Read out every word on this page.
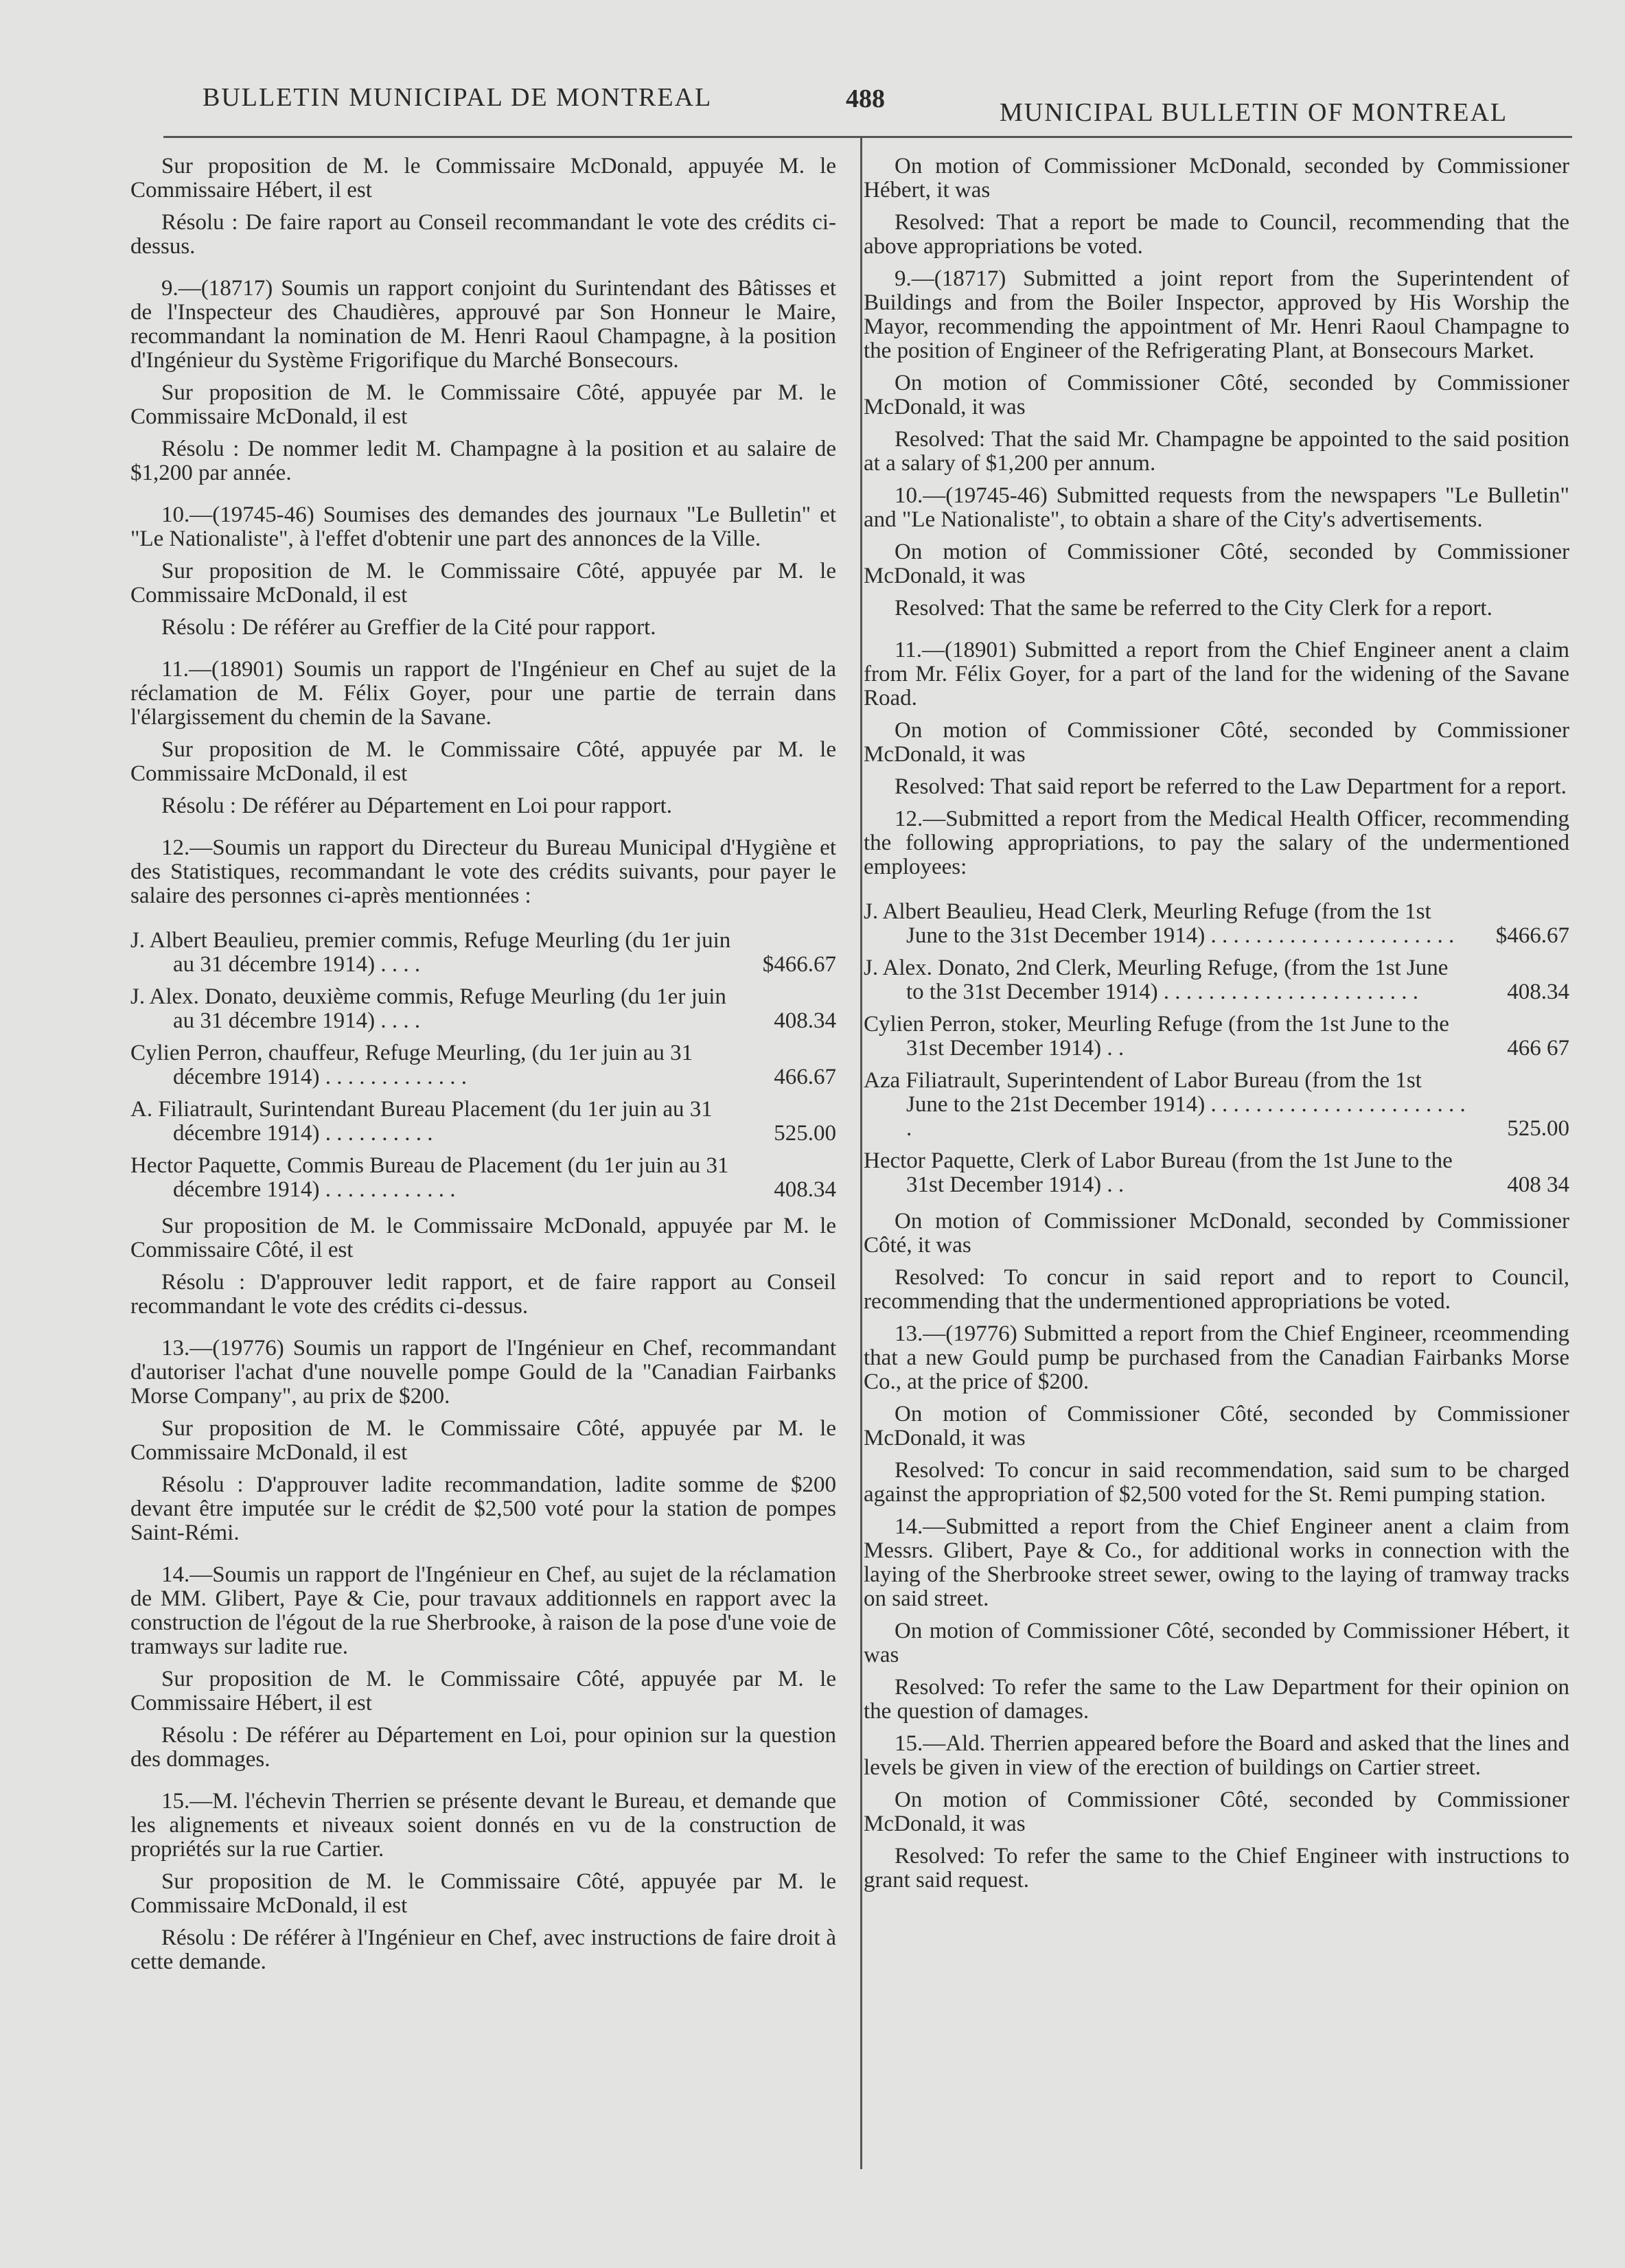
BULLETIN MUNICIPAL DE MONTREAL	488	MUNICIPAL BULLETIN OF MONTREAL

Sur proposition de M. le Commissaire McDonald, appuyée M. le Commissaire Hébert, il est

Résolu : De faire raport au Conseil recommandant le vote des crédits ci-dessus.

9.—(18717) Soumis un rapport conjoint du Surintendant des Bâtisses et de l'Inspecteur des Chaudières, approuvé par Son Honneur le Maire, recommandant la nomination de M. Henri Raoul Champagne, à la position d'Ingénieur du Système Frigorifique du Marché Bonsecours.

Sur proposition de M. le Commissaire Côté, appuyée par M. le Commissaire McDonald, il est

Résolu : De nommer ledit M. Champagne à la position et au salaire de $1,200 par année.

10.—(19745-46) Soumises des demandes des journaux "Le Bulletin" et "Le Nationaliste", à l'effet d'obtenir une part des annonces de la Ville.

Sur proposition de M. le Commissaire Côté, appuyée par M. le Commissaire McDonald, il est

Résolu : De référer au Greffier de la Cité pour rapport.

11.—(18901) Soumis un rapport de l'Ingénieur en Chef au sujet de la réclamation de M. Félix Goyer, pour une partie de terrain dans l'élargissement du chemin de la Savane.

Sur proposition de M. le Commissaire Côté, appuyée par M. le Commissaire McDonald, il est

Résolu : De référer au Département en Loi pour rapport.

12.—Soumis un rapport du Directeur du Bureau Municipal d'Hygiène et des Statistiques, recommandant le vote des crédits suivants, pour payer le salaire des personnes ci-après mentionnées :

J. Albert Beaulieu, premier commis, Refuge Meurling (du 1er juin au 31 décembre 1914) . . . .	$466.67
J. Alex. Donato, deuxième commis, Refuge Meurling (du 1er juin au 31 décembre 1914) . . . .	408.34
Cylien Perron, chauffeur, Refuge Meurling, (du 1er juin au 31 décembre 1914) . . . . . . . . . . . . .	466.67
A. Filiatrault, Surintendant Bureau Placement (du 1er juin au 31 décembre 1914) . . . . . . . . . .	525.00
Hector Paquette, Commis Bureau de Placement (du 1er juin au 31 décembre 1914) . . . . . . . . . . . .	408.34

Sur proposition de M. le Commissaire McDonald, appuyée par M. le Commissaire Côté, il est

Résolu : D'approuver ledit rapport, et de faire rapport au Conseil recommandant le vote des crédits ci-dessus.

13.—(19776) Soumis un rapport de l'Ingénieur en Chef, recommandant d'autoriser l'achat d'une nouvelle pompe Gould de la "Canadian Fairbanks Morse Company", au prix de $200.

Sur proposition de M. le Commissaire Côté, appuyée par M. le Commissaire McDonald, il est

Résolu : D'approuver ladite recommandation, ladite somme de $200 devant être imputée sur le crédit de $2,500 voté pour la station de pompes Saint-Rémi.

14.—Soumis un rapport de l'Ingénieur en Chef, au sujet de la réclamation de MM. Glibert, Paye & Cie, pour travaux additionnels en rapport avec la construction de l'égout de la rue Sherbrooke, à raison de la pose d'une voie de tramways sur ladite rue.

Sur proposition de M. le Commissaire Côté, appuyée par M. le Commissaire Hébert, il est

Résolu : De référer au Département en Loi, pour opinion sur la question des dommages.

15.—M. l'échevin Therrien se présente devant le Bureau, et demande que les alignements et niveaux soient donnés en vu de la construction de propriétés sur la rue Cartier.

Sur proposition de M. le Commissaire Côté, appuyée par M. le Commissaire McDonald, il est

Résolu : De référer à l'Ingénieur en Chef, avec instructions de faire droit à cette demande.

On motion of Commissioner McDonald, seconded by Commissioner Hébert, it was

Resolved: That a report be made to Council, recommending that the above appropriations be voted.

9.—(18717) Submitted a joint report from the Superintendent of Buildings and from the Boiler Inspector, approved by His Worship the Mayor, recommending the appointment of Mr. Henri Raoul Champagne to the position of Engineer of the Refrigerating Plant, at Bonsecours Market.

On motion of Commissioner Côté, seconded by Commissioner McDonald, it was

Resolved: That the said Mr. Champagne be appointed to the said position at a salary of $1,200 per annum.

10.—(19745-46) Submitted requests from the newspapers "Le Bulletin" and "Le Nationaliste", to obtain a share of the City's advertisements.

On motion of Commissioner Côté, seconded by Commissioner McDonald, it was

Resolved: That the same be referred to the City Clerk for a report.

11.—(18901) Submitted a report from the Chief Engineer anent a claim from Mr. Félix Goyer, for a part of the land for the widening of the Savane Road.

On motion of Commissioner Côté, seconded by Commissioner McDonald, it was

Resolved: That said report be referred to the Law Department for a report.

12.—Submitted a report from the Medical Health Officer, recommending the following appropriations, to pay the salary of the undermentioned employees:

J. Albert Beaulieu, Head Clerk, Meurling Refuge (from the 1st June to the 31st December 1914) . . . . . . . . . . . . . . . . . . . . . . $466.67
J. Alex. Donato, 2nd Clerk, Meurling Refuge, (from the 1st June to the 31st December 1914) . . . . . . . . . . . . . . . . . . . . . . .	408.34
Cylien Perron, stoker, Meurling Refuge (from the 1st June to the 31st December 1914) . .	466 67
Aza Filiatrault, Superintendent of Labor Bureau (from the 1st June to the 21st December 1914) . . . . . . . . . . . . . . . . . . . . . . . .	525.00
Hector Paquette, Clerk of Labor Bureau (from the 1st June to the 31st December 1914) . .	408 34

On motion of Commissioner McDonald, seconded by Commissioner Côté, it was

Resolved: To concur in said report and to report to Council, recommending that the undermentioned appropriations be voted.

13.—(19776) Submitted a report from the Chief Engineer, rceommending that a new Gould pump be purchased from the Canadian Fairbanks Morse Co., at the price of $200.

On motion of Commissioner Côté, seconded by Commissioner McDonald, it was

Resolved: To concur in said recommendation, said sum to be charged against the appropriation of $2,500 voted for the St. Remi pumping station.

14.—Submitted a report from the Chief Engineer anent a claim from Messrs. Glibert, Paye & Co., for additional works in connection with the laying of the Sherbrooke street sewer, owing to the laying of tramway tracks on said street.

On motion of Commissioner Côté, seconded by Commissioner Hébert, it was

Resolved: To refer the same to the Law Department for their opinion on the question of damages.

15.—Ald. Therrien appeared before the Board and asked that the lines and levels be given in view of the erection of buildings on Cartier street.

On motion of Commissioner Côté, seconded by Commissioner McDonald, it was

Resolved: To refer the same to the Chief Engineer with instructions to grant said request.
